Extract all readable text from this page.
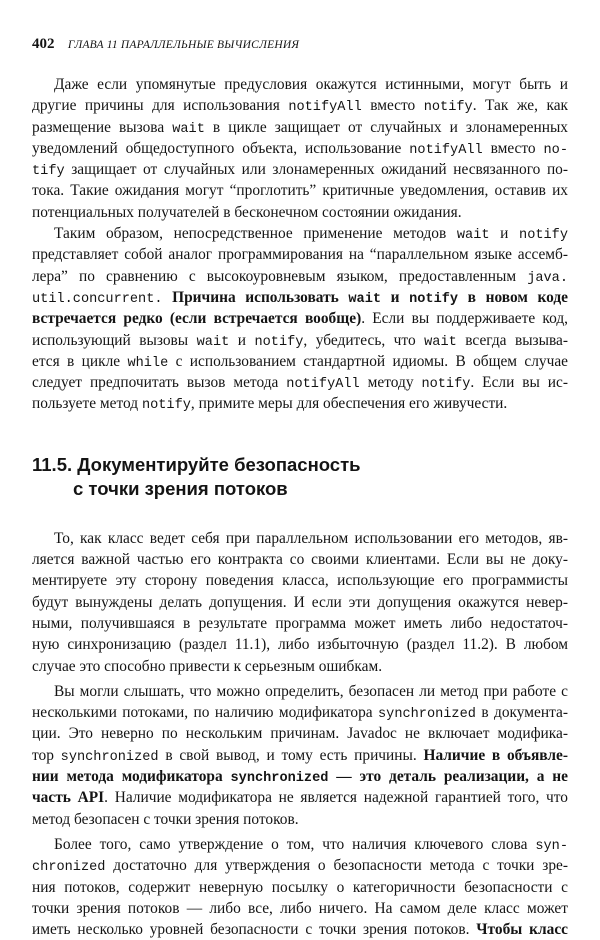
402 ГЛАВА 11 ПАРАЛЛЕЛЬНЫЕ ВЫЧИСЛЕНИЯ
Даже если упомянутые предусловия окажутся истинными, могут быть и
другие причины для использования notifyAll вместо notify. Так же, как
размещение вызова wait в цикле защищает от случайных и злонамеренных
уведомлений общедоступного объекта, использование notifyAll вместо no-
tify защищает от случайных или злонамеренных ожиданий несвязанного по-
тока. Такие ожидания могут “проглотить” критичные уведомления, оставив их
потенциальных получателей в бесконечном состоянии ожидания.
Таким образом, непосредственное применение методов wait и notify
представляет собой аналог программирования на “параллельном языке ассемб-
лера” по сравнению с высокоуровневым языком, предоставленным java.
util.concurrent. Причина использовать wait и notify в новом коде
встречается редко (если встречается вообще). Если вы поддерживаете код,
использующий вызовы wait и notify, убедитесь, что wait всегда вызыва-
ется в цикле while с использованием стандартной идиомы. В общем случае
следует предпочитать вызов метода notifyAll методу notify. Если вы ис-
пользуете метод notify, примите меры для обеспечения его живучести.
11.5. Документируйте безопасность
с точки зрения потоков
То, как класс ведет себя при параллельном использовании его методов, яв-
ляется важной частью его контракта со своими клиентами. Если вы не доку-
ментируете эту сторону поведения класса, использующие его программисты
будут вынуждены делать допущения. И если эти допущения окажутся невер-
ными, получившаяся в результате программа может иметь либо недостаточ-
ную синхронизацию (раздел 11.1), либо избыточную (раздел 11.2). В любом
случае это способно привести к серьезным ошибкам.
Вы могли слышать, что можно определить, безопасен ли метод при работе с
несколькими потоками, по наличию модификатора synchronized в документа-
ции. Это неверно по нескольким причинам. Javadoc не включает модифика-
тор synchronized в свой вывод, и тому есть причины. Наличие в объявле-
нии метода модификатора synchronized — это деталь реализации, а не
часть API. Наличие модификатора не является надежной гарантией того, что
метод безопасен с точки зрения потоков.
Более того, само утверждение о том, что наличия ключевого слова syn-
chronized достаточно для утверждения о безопасности метода с точки зре-
ния потоков, содержит неверную посылку о категоричности безопасности с
точки зрения потоков — либо все, либо ничего. На самом деле класс может
иметь несколько уровней безопасности с точки зрения потоков. Чтобы класс
